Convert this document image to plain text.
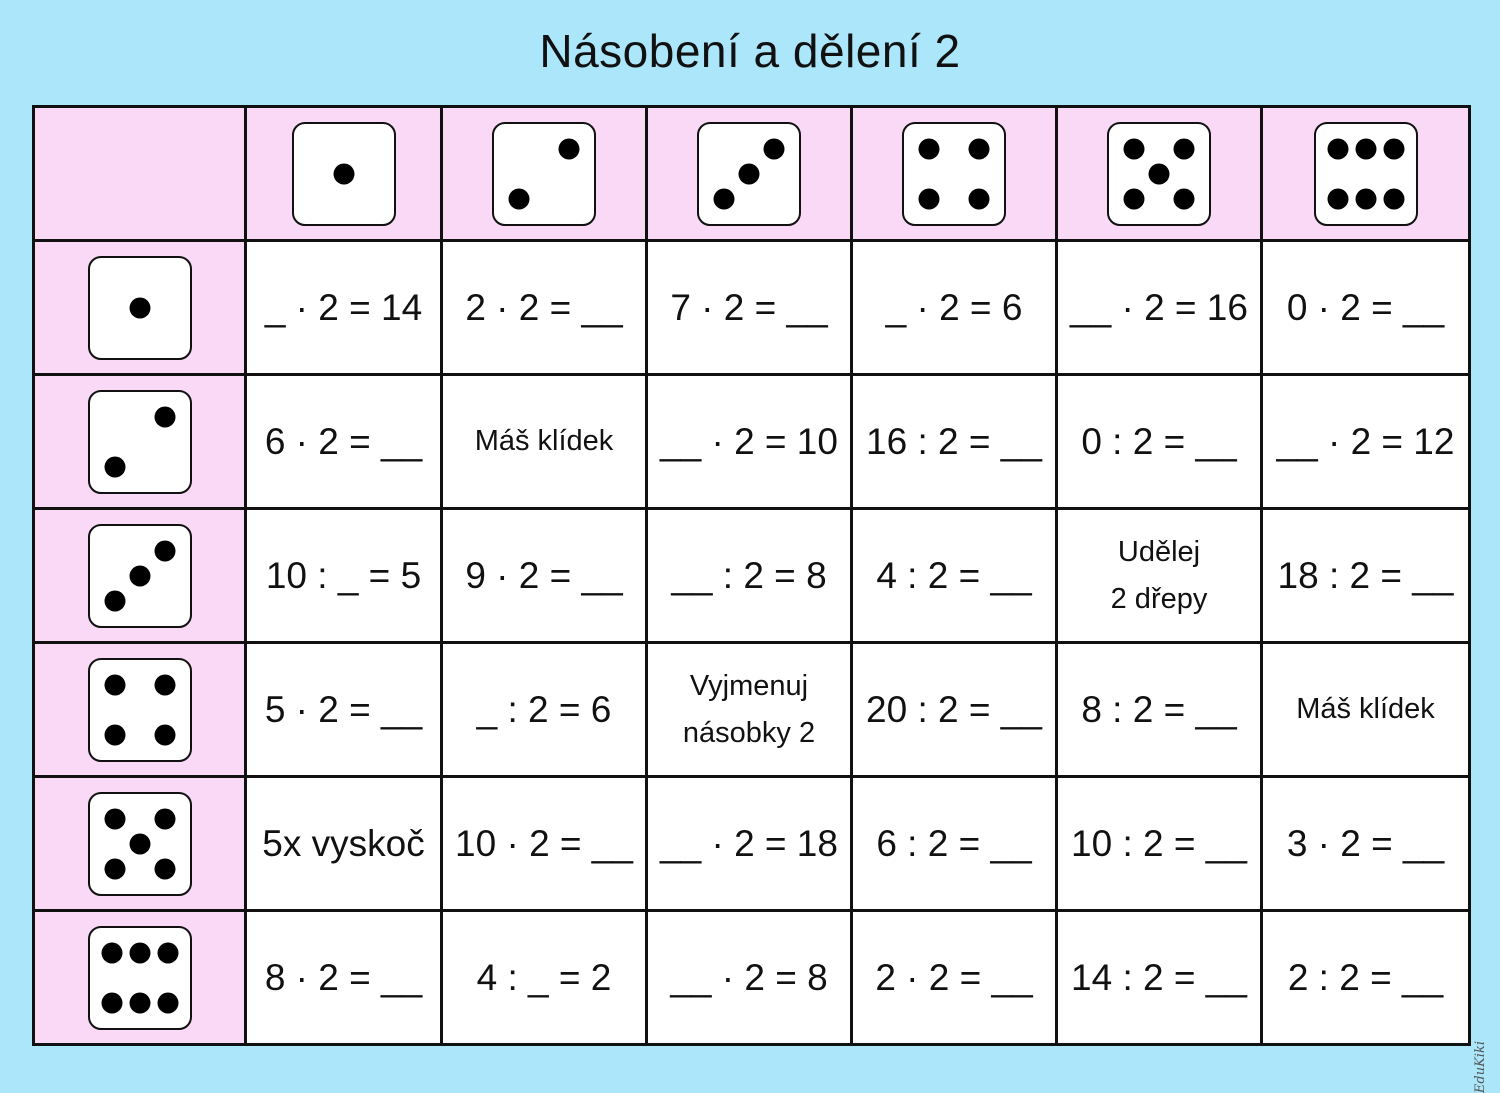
Násobení a dělení 2

	_ · 2 = 14	2 · 2 = __	7 · 2 = __	_ · 2 = 6	__ · 2 = 16	0 · 2 = __

	6 · 2 = __	Máš klídek	__ · 2 = 10	16 : 2 = __	0 : 2 = __	__ · 2 = 12

	10 : _ = 5	9 · 2 = __	__ : 2 = 8	4 : 2 = __	Udělej
2 dřepy	18 : 2 = __

	5 · 2 = __	_ : 2 = 6	Vyjmenuj
násobky 2	20 : 2 = __	8 : 2 = __	Máš klídek

	5x vyskoč	10 · 2 = __	__ · 2 = 18	6 : 2 = __	10 : 2 = __	3 · 2 = __

	8 · 2 = __	4 : _ = 2	__ · 2 = 8	2 · 2 = __	14 : 2 = __	2 : 2 = __
EduKiki
